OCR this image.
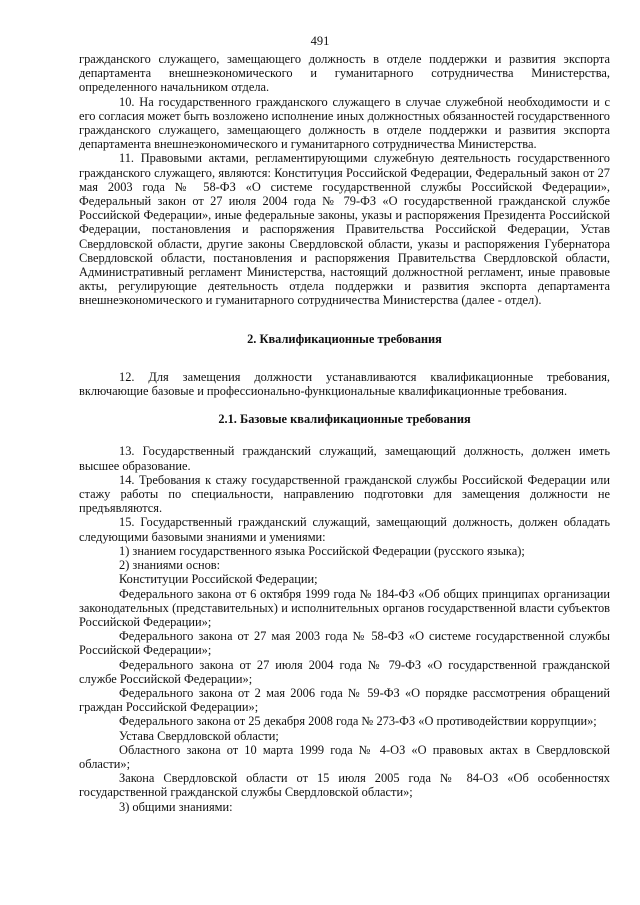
491

гражданского служащего, замещающего должность в отделе поддержки и развития экспорта департамента внешнеэкономического и гуманитарного сотрудничества Министерства, определенного начальником отдела.

10. На государственного гражданского служащего в случае служебной необходимости и с его согласия может быть возложено исполнение иных должностных обязанностей государственного гражданского служащего, замещающего должность в отделе поддержки и развития экспорта департамента внешнеэкономического и гуманитарного сотрудничества Министерства.

11. Правовыми актами, регламентирующими служебную деятельность государственного гражданского служащего, являются: Конституция Российской Федерации, Федеральный закон от 27 мая 2003 года № 58-ФЗ «О системе государственной службы Российской Федерации», Федеральный закон от 27 июля 2004 года № 79-ФЗ «О государственной гражданской службе Российской Федерации», иные федеральные законы, указы и распоряжения Президента Российской Федерации, постановления и распоряжения Правительства Российской Федерации, Устав Свердловской области, другие законы Свердловской области, указы и распоряжения Губернатора Свердловской области, постановления и распоряжения Правительства Свердловской области, Административный регламент Министерства, настоящий должностной регламент, иные правовые акты, регулирующие деятельность отдела поддержки и развития экспорта департамента внешнеэкономического и гуманитарного сотрудничества Министерства (далее - отдел).

2. Квалификационные требования

12. Для замещения должности устанавливаются квалификационные требования, включающие базовые и профессионально-функциональные квалификационные требования.

2.1. Базовые квалификационные требования

13. Государственный гражданский служащий, замещающий должность, должен иметь высшее образование.

14. Требования к стажу государственной гражданской службы Российской Федерации или стажу работы по специальности, направлению подготовки для замещения должности не предъявляются.

15. Государственный гражданский служащий, замещающий должность, должен обладать следующими базовыми знаниями и умениями:

1) знанием государственного языка Российской Федерации (русского языка);

2) знаниями основ:

Конституции Российской Федерации;

Федерального закона от 6 октября 1999 года № 184-ФЗ «Об общих принципах организации законодательных (представительных) и исполнительных органов государственной власти субъектов Российской Федерации»;

Федерального закона от 27 мая 2003 года № 58-ФЗ «О системе государственной службы Российской Федерации»;

Федерального закона от 27 июля 2004 года № 79-ФЗ «О государственной гражданской службе Российской Федерации»;

Федерального закона от 2 мая 2006 года № 59-ФЗ «О порядке рассмотрения обращений граждан Российской Федерации»;

Федерального закона от 25 декабря 2008 года № 273-ФЗ «О противодействии коррупции»;

Устава Свердловской области;

Областного закона от 10 марта 1999 года № 4-ОЗ «О правовых актах в Свердловской области»;

Закона Свердловской области от 15 июля 2005 года № 84-ОЗ «Об особенностях государственной гражданской службы Свердловской области»;

3) общими знаниями:
